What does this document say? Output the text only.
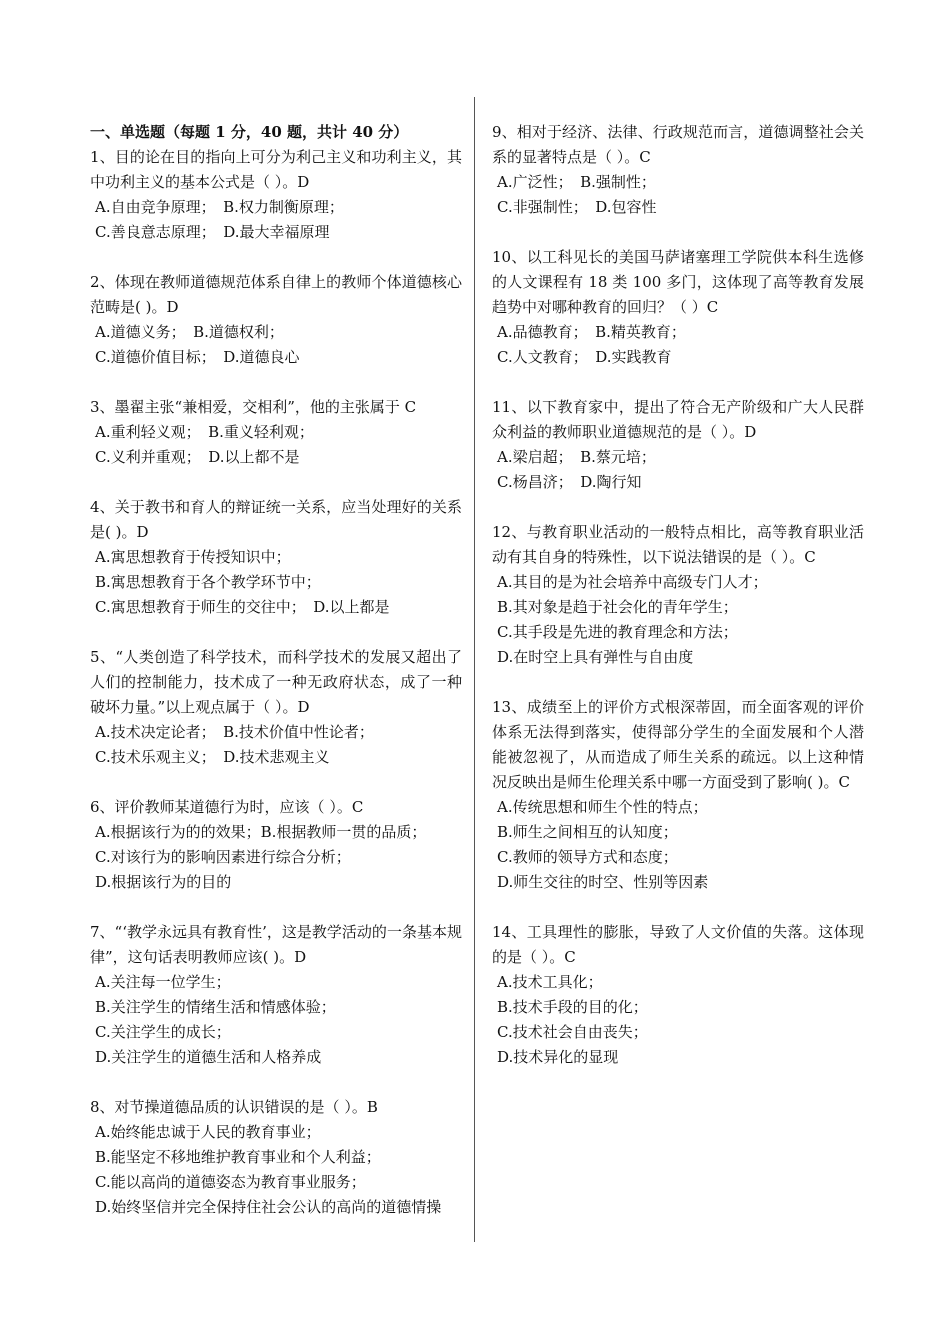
一、单选题（每题 1 分，40 题，共计 40 分）
1、目的论在目的指向上可分为利己主义和功利主义，其中功利主义的基本公式是（ ）。D
A.自由竞争原理；　B.权力制衡原理；
C.善良意志原理；　D.最大幸福原理
2、体现在教师道德规范体系自律上的教师个体道德核心范畴是( )。D
A.道德义务；　B.道德权利；
C.道德价值目标；　D.道德良心
3、墨翟主张“兼相爱，交相利”，他的主张属于 C
A.重利轻义观；　B.重义轻利观；
C.义利并重观；　D.以上都不是
4、关于教书和育人的辩证统一关系，应当处理好的关系是( )。D
A.寓思想教育于传授知识中；
B.寓思想教育于各个教学环节中；
C.寓思想教育于师生的交往中；　D.以上都是
5、“人类创造了科学技术，而科学技术的发展又超出了人们的控制能力，技术成了一种无政府状态，成了一种破坏力量。”以上观点属于（ ）。D
A.技术决定论者；　B.技术价值中性论者；
C.技术乐观主义；　D.技术悲观主义
6、评价教师某道德行为时，应该（ ）。C
A.根据该行为的的效果；B.根据教师一贯的品质；
C.对该行为的影响因素进行综合分析；
D.根据该行为的目的
7、“‘教学永远具有教育性’，这是教学活动的一条基本规律”，这句话表明教师应该( )。D
A.关注每一位学生；
B.关注学生的情绪生活和情感体验；
C.关注学生的成长；
D.关注学生的道德生活和人格养成
8、对节操道德品质的认识错误的是（ ）。B
A.始终能忠诚于人民的教育事业；
B.能坚定不移地维护教育事业和个人利益；
C.能以高尚的道德姿态为教育事业服务；
D.始终坚信并完全保持住社会公认的高尚的道德情操
9、相对于经济、法律、行政规范而言，道德调整社会关系的显著特点是（ ）。C
A.广泛性；　B.强制性；
C.非强制性；　D.包容性
10、以工科见长的美国马萨诸塞理工学院供本科生选修的人文课程有 18 类 100 多门，这体现了高等教育发展趋势中对哪种教育的回归？（ ）C
A.品德教育；　B.精英教育；
C.人文教育；　D.实践教育
11、以下教育家中，提出了符合无产阶级和广大人民群众利益的教师职业道德规范的是（ ）。D
A.梁启超；　B.蔡元培；
C.杨昌济；　D.陶行知
12、与教育职业活动的一般特点相比，高等教育职业活动有其自身的特殊性，以下说法错误的是（ ）。C
A.其目的是为社会培养中高级专门人才；
B.其对象是趋于社会化的青年学生；
C.其手段是先进的教育理念和方法；
D.在时空上具有弹性与自由度
13、成绩至上的评价方式根深蒂固，而全面客观的评价体系无法得到落实，使得部分学生的全面发展和个人潜能被忽视了，从而造成了师生关系的疏远。以上这种情况反映出是师生伦理关系中哪一方面受到了影响( )。C
A.传统思想和师生个性的特点；
B.师生之间相互的认知度；
C.教师的领导方式和态度；
D.师生交往的时空、性别等因素
14、工具理性的膨胀，导致了人文价值的失落。这体现的是（ ）。C
A.技术工具化；
B.技术手段的目的化；
C.技术社会自由丧失；
D.技术异化的显现
